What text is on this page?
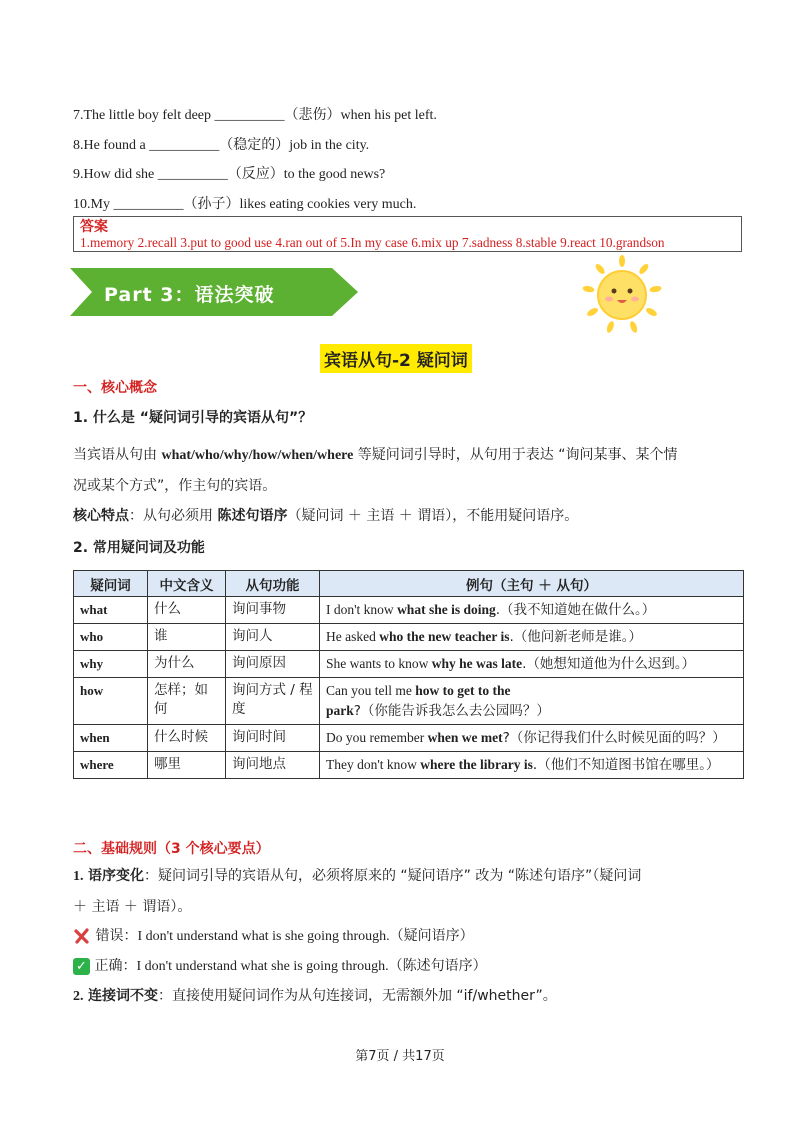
7.The little boy felt deep __________（悲伤）when his pet left.
8.He found a __________（稳定的）job in the city.
9.How did she __________（反应）to the good news?
10.My __________（孙子）likes eating cookies very much.
答案
1.memory 2.recall 3.put to good use 4.ran out of 5.In my case 6.mix up 7.sadness 8.stable 9.react 10.grandson
Part 3：语法突破
宾语从句-2 疑问词
一、核心概念
1. 什么是 “疑问词引导的宾语从句”？
当宾语从句由 what/who/why/how/when/where 等疑问词引导时，从句用于表达 “询问某事、某个情
况或某个方式”，作主句的宾语。
核心特点：从句必须用 陈述句语序（疑问词 ＋ 主语 ＋ 谓语），不能用疑问语序。
2. 常用疑问词及功能
疑问词	中文含义	从句功能	例句（主句 ＋ 从句）
what	什么	询问事物	I don't know what she is doing.（我不知道她在做什么。）
who	谁	询问人	He asked who the new teacher is.（他问新老师是谁。）
why	为什么	询问原因	She wants to know why he was late.（她想知道他为什么迟到。）
how	怎样；如何	询问方式 / 程度	Can you tell me how to get to the park?（你能告诉我怎么去公园吗？）
when	什么时候	询问时间	Do you remember when we met?（你记得我们什么时候见面的吗？）
where	哪里	询问地点	They don't know where the library is.（他们不知道图书馆在哪里。）
二、基础规则（3 个核心要点）
1. 语序变化：疑问词引导的宾语从句，必须将原来的 “疑问语序” 改为 “陈述句语序”（疑问词
＋ 主语 ＋ 谓语）。
错误：I don't understand what is she going through.（疑问语序）
✓ 正确：I don't understand what she is going through.（陈述句语序）
2. 连接词不变：直接使用疑问词作为从句连接词，无需额外加 “if/whether”。
第7页 / 共17页
